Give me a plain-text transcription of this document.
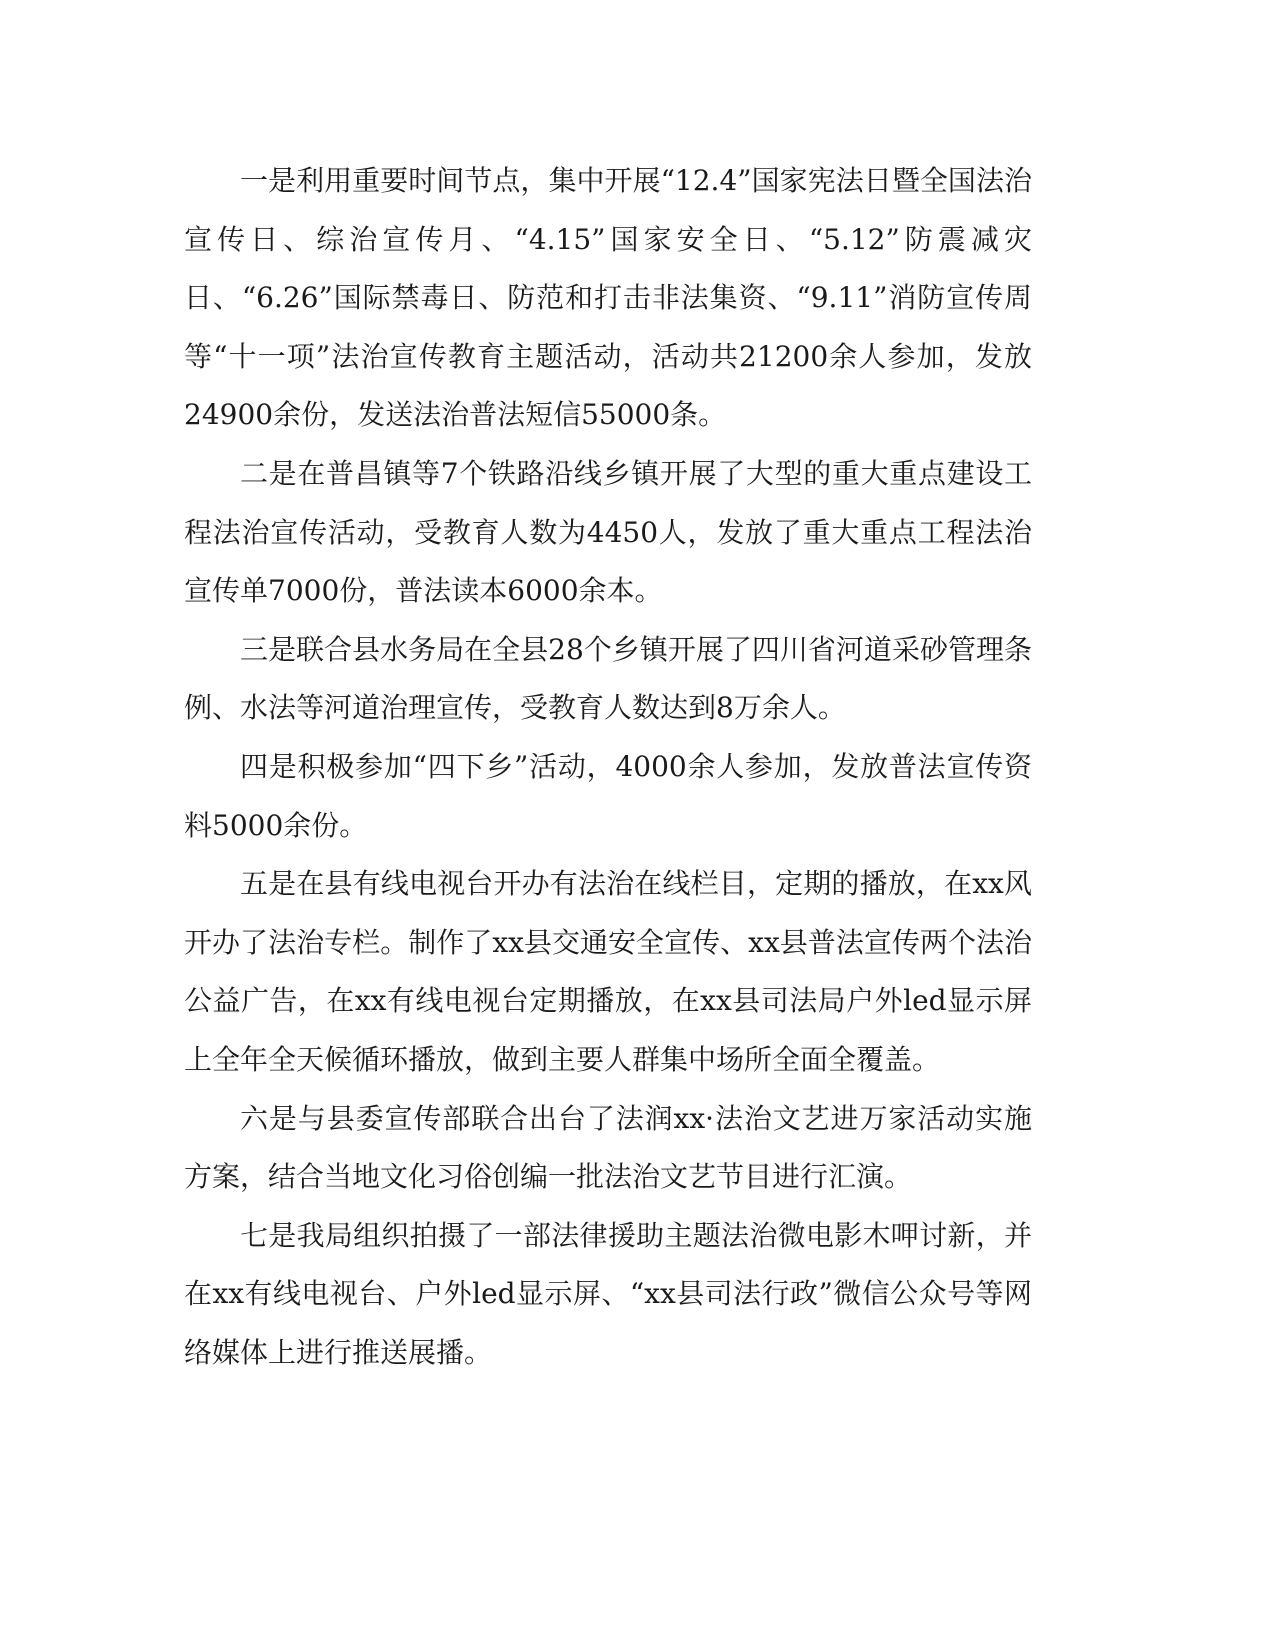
一是利用重要时间节点，集中开展“12.4”国家宪法日暨全国法治宣传日、综治宣传月、“4.15”国家安全日、“5.12”防震减灾日、“6.26”国际禁毒日、防范和打击非法集资、“9.11”消防宣传周等“十一项”法治宣传教育主题活动，活动共21200余人参加，发放24900余份，发送法治普法短信55000条。

二是在普昌镇等7个铁路沿线乡镇开展了大型的重大重点建设工程法治宣传活动，受教育人数为4450人，发放了重大重点工程法治宣传单7000份，普法读本6000余本。

三是联合县水务局在全县28个乡镇开展了四川省河道采砂管理条例、水法等河道治理宣传，受教育人数达到8万余人。

四是积极参加“四下乡”活动，4000余人参加，发放普法宣传资料5000余份。

五是在县有线电视台开办有法治在线栏目，定期的播放，在xx风开办了法治专栏。制作了xx县交通安全宣传、xx县普法宣传两个法治公益广告，在xx有线电视台定期播放，在xx县司法局户外led显示屏上全年全天候循环播放，做到主要人群集中场所全面全覆盖。

六是与县委宣传部联合出台了法润xx·法治文艺进万家活动实施方案，结合当地文化习俗创编一批法治文艺节目进行汇演。

七是我局组织拍摄了一部法律援助主题法治微电影木呷讨新，并在xx有线电视台、户外led显示屏、“xx县司法行政”微信公众号等网络媒体上进行推送展播。
